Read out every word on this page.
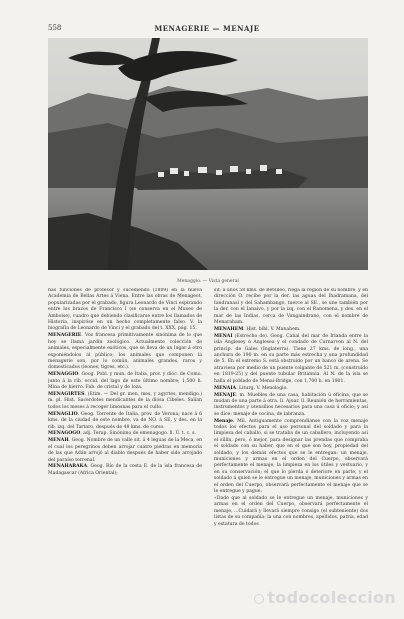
558	MENAGERIE — MENAJE
Menaggio. — Vista general

nas funciones de profesor y sucediendo (1809) en la nueva Academia de Bellas Artes á Viena. Entre las obras de Menageot, popularizadas por el grabado, figura Leonardo de Vinci espirando entre los brazos de Francisco I (se conserva en el Museo de Amboise), cuadro que debiendo clasificarse entre los llamados de Historia, inspiróse en un hecho completamente falso. V. la biografía de Leonardo de Vinci y el grabado del t. XXX, pág. 15.

MENAGERIE. Voz francesa primitivamente sinónima de lo que hoy se llama jardín zoológico. Actualmente colección de animales, especialmente exóticos, que se lleva de un lugar á otro exponiéndolos al público; los animales que componen la menagerie son, por lo común, animales grandes, raros y domesticados (leones, tigres, etc.).

MENAGGIO. Geog. Pobl. y mun. de Italia, prov. y dióc. de Como, junto á la rib. occid. del lago de este último nombre; 1,500 h. Mina de hierro. Fab. de cristal y de loza.

MENAGIRTES. (Etim. — Del gr. men, mes, y agyrtes, mendigo.) m. pl. Hist. Sacerdotes mendicantes de la diosa Cibeles. Salían todos los meses á recoger limosnas para el culto.

MENAGLIO. Geog. Torrente de Italia, prov. de Verona; nace á 6 kms. de la ciudad de este nombre, va de NO. á SE. y des. en la rib. izq. del Tartaro, después de 48 kms. de curso.

MENAGOGO. adj. Terap. Sinónimo de emenagogo. ll. Ú. t. c. s.

MENAH. Geog. Nombre de un valle sit. á 4 leguas de la Meca, en el cual los peregrinos deben arrojar cuatro piedras en memoria de las que Adán arrojó al diablo después de haber sido arrojado del paraíso terrenal.

MENAHARAKA. Geog. Río de la costa E. de la isla francesa de Madagascar (Africa Oriental);

sit. á unos 58 kms. de Betsileo, riega la región de su nombre, y en dirección O. recibe por la der. las aguas del Ihadramana, del Iandranasl y del Sahambango, tuerce al SE., se une también por la der. con el Ianaivo, y por la izq. con el Ranomena, y des. en el mar de las Indias, cerca de Vangaindrano, con el nombre de Menaraham.

MENAHEM. Hist. bíbl. V. Manahem.

MENAI (Estrecho de). Geog. Canal del mar de Irlanda entre la isla Anglesey ó Anglesea y el condado de Carnarvon al N. del princip. de Gales (Inglaterra). Tiene 27 kms. de long., una anchura de 190 m. en su parte más estrecha y una profundidad de 5. En el extremo S. está obstruído por un banco de arena. Se atraviesa por medio de un puente colgante de 521 m. (construído en 1819-25) y del puente tubular Britannia. Al N. de la isla se halla el poblado de Menai-Bridge, con 1,700 h. en 1901.

MENAIA. Liturg. V. Menologio.

MENAJE. m. Muebles de una casa, habitación ú oficina, que se mudan de una parte á otra. ll. Ajuar. ll. Reunión de herramientas, instrumentos y utensilios necesarios para una casa ú oficio; y así se dice: menaje de cocina, de labranza.

Menaje. Mil. Antiguamente comprendíanse con la voz menaje todos los efectos para el uso personal del soldado y para la limpieza del caballo, si se trataba de un caballero, incluyendo así el sillín, pero, ó mejor, para designar las prendas que compraba el soldado con su haber, que en el que son hoy, propiedad del soldado, y los demás efectos que se le entregan: un menaje, municiones y armas en el orden del Cuerpo, observará perfectamente el menaje, la limpieza en los útiles y vestuario, y en su conservación; el que lo pierda ó deteriore en parte, y el soldado á quien se le entregue un menaje, municiones y armas en el orden del Cuerpo, observará perfectamente el menaje que se le entregue y pague.

«Dado que al soldado se le entregue un menaje, municiones y armas en el orden del Cuerpo, observará perfectamente el menaje, ...Cuidará y llevará siempre consigo (el subteniente) dos listas de su compañía: la una con nombres, apellidos, patria, edad y estatura de todos

todocoleccion
